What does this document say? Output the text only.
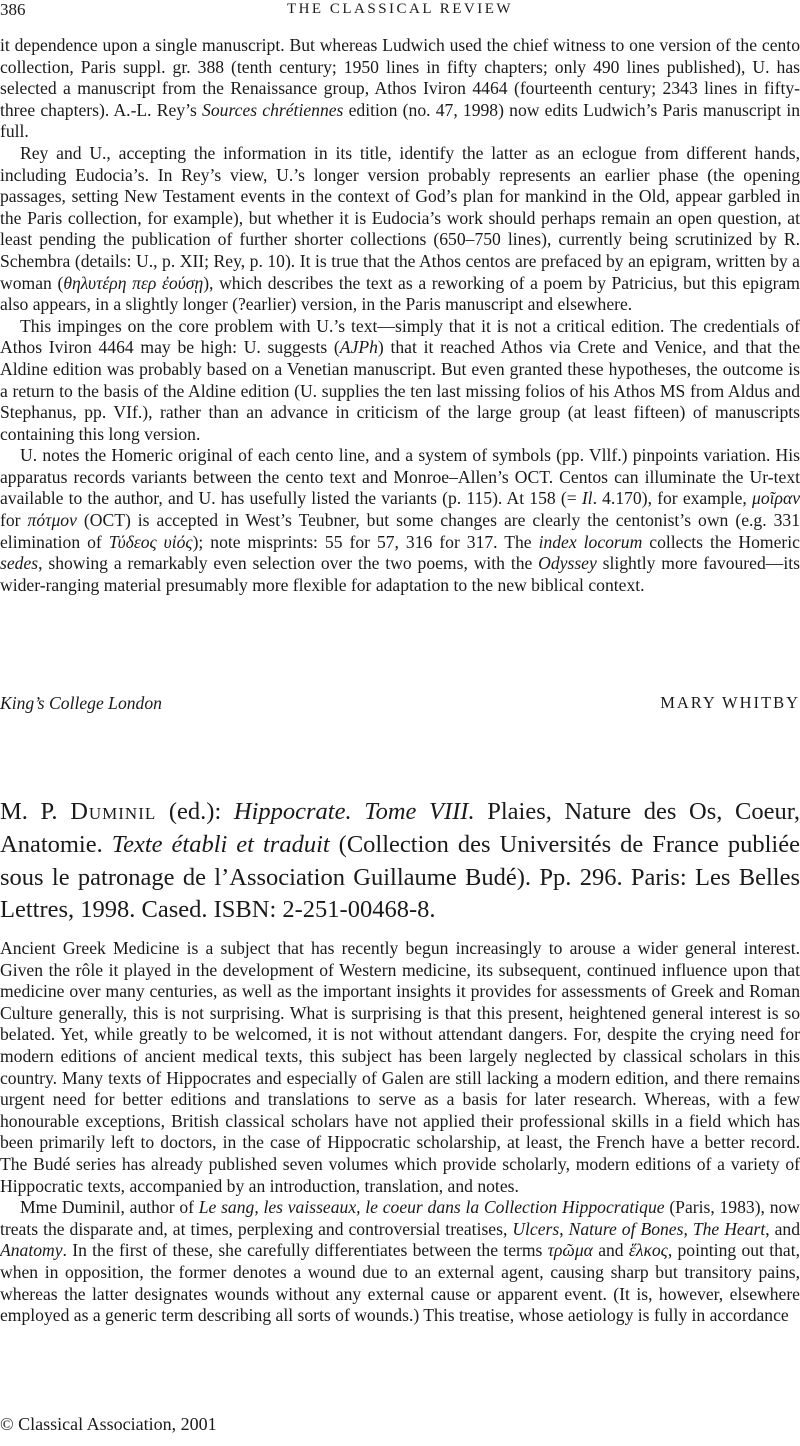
386	THE CLASSICAL REVIEW

it dependence upon a single manuscript. But whereas Ludwich used the chief witness to one version of the cento collection, Paris suppl. gr. 388 (tenth century; 1950 lines in fifty chapters; only 490 lines published), U. has selected a manuscript from the Renaissance group, Athos Iviron 4464 (fourteenth century; 2343 lines in fifty-three chapters). A.-L. Rey’s Sources chrétiennes edition (no. 47, 1998) now edits Ludwich’s Paris manuscript in full.

Rey and U., accepting the information in its title, identify the latter as an eclogue from different hands, including Eudocia’s. In Rey’s view, U.’s longer version probably represents an earlier phase (the opening passages, setting New Testament events in the context of God’s plan for mankind in the Old, appear garbled in the Paris collection, for example), but whether it is Eudocia’s work should perhaps remain an open question, at least pending the publication of further shorter collections (650–750 lines), currently being scrutinized by R. Schembra (details: U., p. XII; Rey, p. 10). It is true that the Athos centos are prefaced by an epigram, written by a woman (θηλυτέρη περ ἐούσῃ), which describes the text as a reworking of a poem by Patricius, but this epigram also appears, in a slightly longer (?earlier) version, in the Paris manuscript and elsewhere.

This impinges on the core problem with U.’s text—simply that it is not a critical edition. The credentials of Athos Iviron 4464 may be high: U. suggests (AJPh) that it reached Athos via Crete and Venice, and that the Aldine edition was probably based on a Venetian manuscript. But even granted these hypotheses, the outcome is a return to the basis of the Aldine edition (U. supplies the ten last missing folios of his Athos MS from Aldus and Stephanus, pp. VIf.), rather than an advance in criticism of the large group (at least fifteen) of manuscripts containing this long version.

U. notes the Homeric original of each cento line, and a system of symbols (pp. Vllf.) pinpoints variation. His apparatus records variants between the cento text and Monroe–Allen’s OCT. Centos can illuminate the Ur-text available to the author, and U. has usefully listed the variants (p. 115). At 158 (= Il. 4.170), for example, μοῖραν for πότμον (OCT) is accepted in West’s Teubner, but some changes are clearly the centonist’s own (e.g. 331 elimination of Τύδεος υἱός); note misprints: 55 for 57, 316 for 317. The index locorum collects the Homeric sedes, showing a remarkably even selection over the two poems, with the Odyssey slightly more favoured—its wider-ranging material presumably more flexible for adaptation to the new biblical context.

King’s College London	MARY WHITBY
M. P. Duminil (ed.): Hippocrate. Tome VIII. Plaies, Nature des Os, Coeur, Anatomie. Texte établi et traduit (Collection des Universités de France publiée sous le patronage de l’Association Guillaume Budé). Pp. 296. Paris: Les Belles Lettres, 1998. Cased. ISBN: 2-251-00468-8.

Ancient Greek Medicine is a subject that has recently begun increasingly to arouse a wider general interest. Given the rôle it played in the development of Western medicine, its subsequent, continued influence upon that medicine over many centuries, as well as the important insights it provides for assessments of Greek and Roman Culture generally, this is not surprising. What is surprising is that this present, heightened general interest is so belated. Yet, while greatly to be welcomed, it is not without attendant dangers. For, despite the crying need for modern editions of ancient medical texts, this subject has been largely neglected by classical scholars in this country. Many texts of Hippocrates and especially of Galen are still lacking a modern edition, and there remains urgent need for better editions and translations to serve as a basis for later research. Whereas, with a few honourable exceptions, British classical scholars have not applied their professional skills in a field which has been primarily left to doctors, in the case of Hippocratic scholarship, at least, the French have a better record. The Budé series has already published seven volumes which provide scholarly, modern editions of a variety of Hippocratic texts, accompanied by an introduction, translation, and notes.

Mme Duminil, author of Le sang, les vaisseaux, le coeur dans la Collection Hippocratique (Paris, 1983), now treats the disparate and, at times, perplexing and controversial treatises, Ulcers, Nature of Bones, The Heart, and Anatomy. In the first of these, she carefully differentiates between the terms τρῶμα and ἕλκος, pointing out that, when in opposition, the former denotes a wound due to an external agent, causing sharp but transitory pains, whereas the latter designates wounds without any external cause or apparent event. (It is, however, elsewhere employed as a generic term describing all sorts of wounds.) This treatise, whose aetiology is fully in accordance

© Classical Association, 2001
